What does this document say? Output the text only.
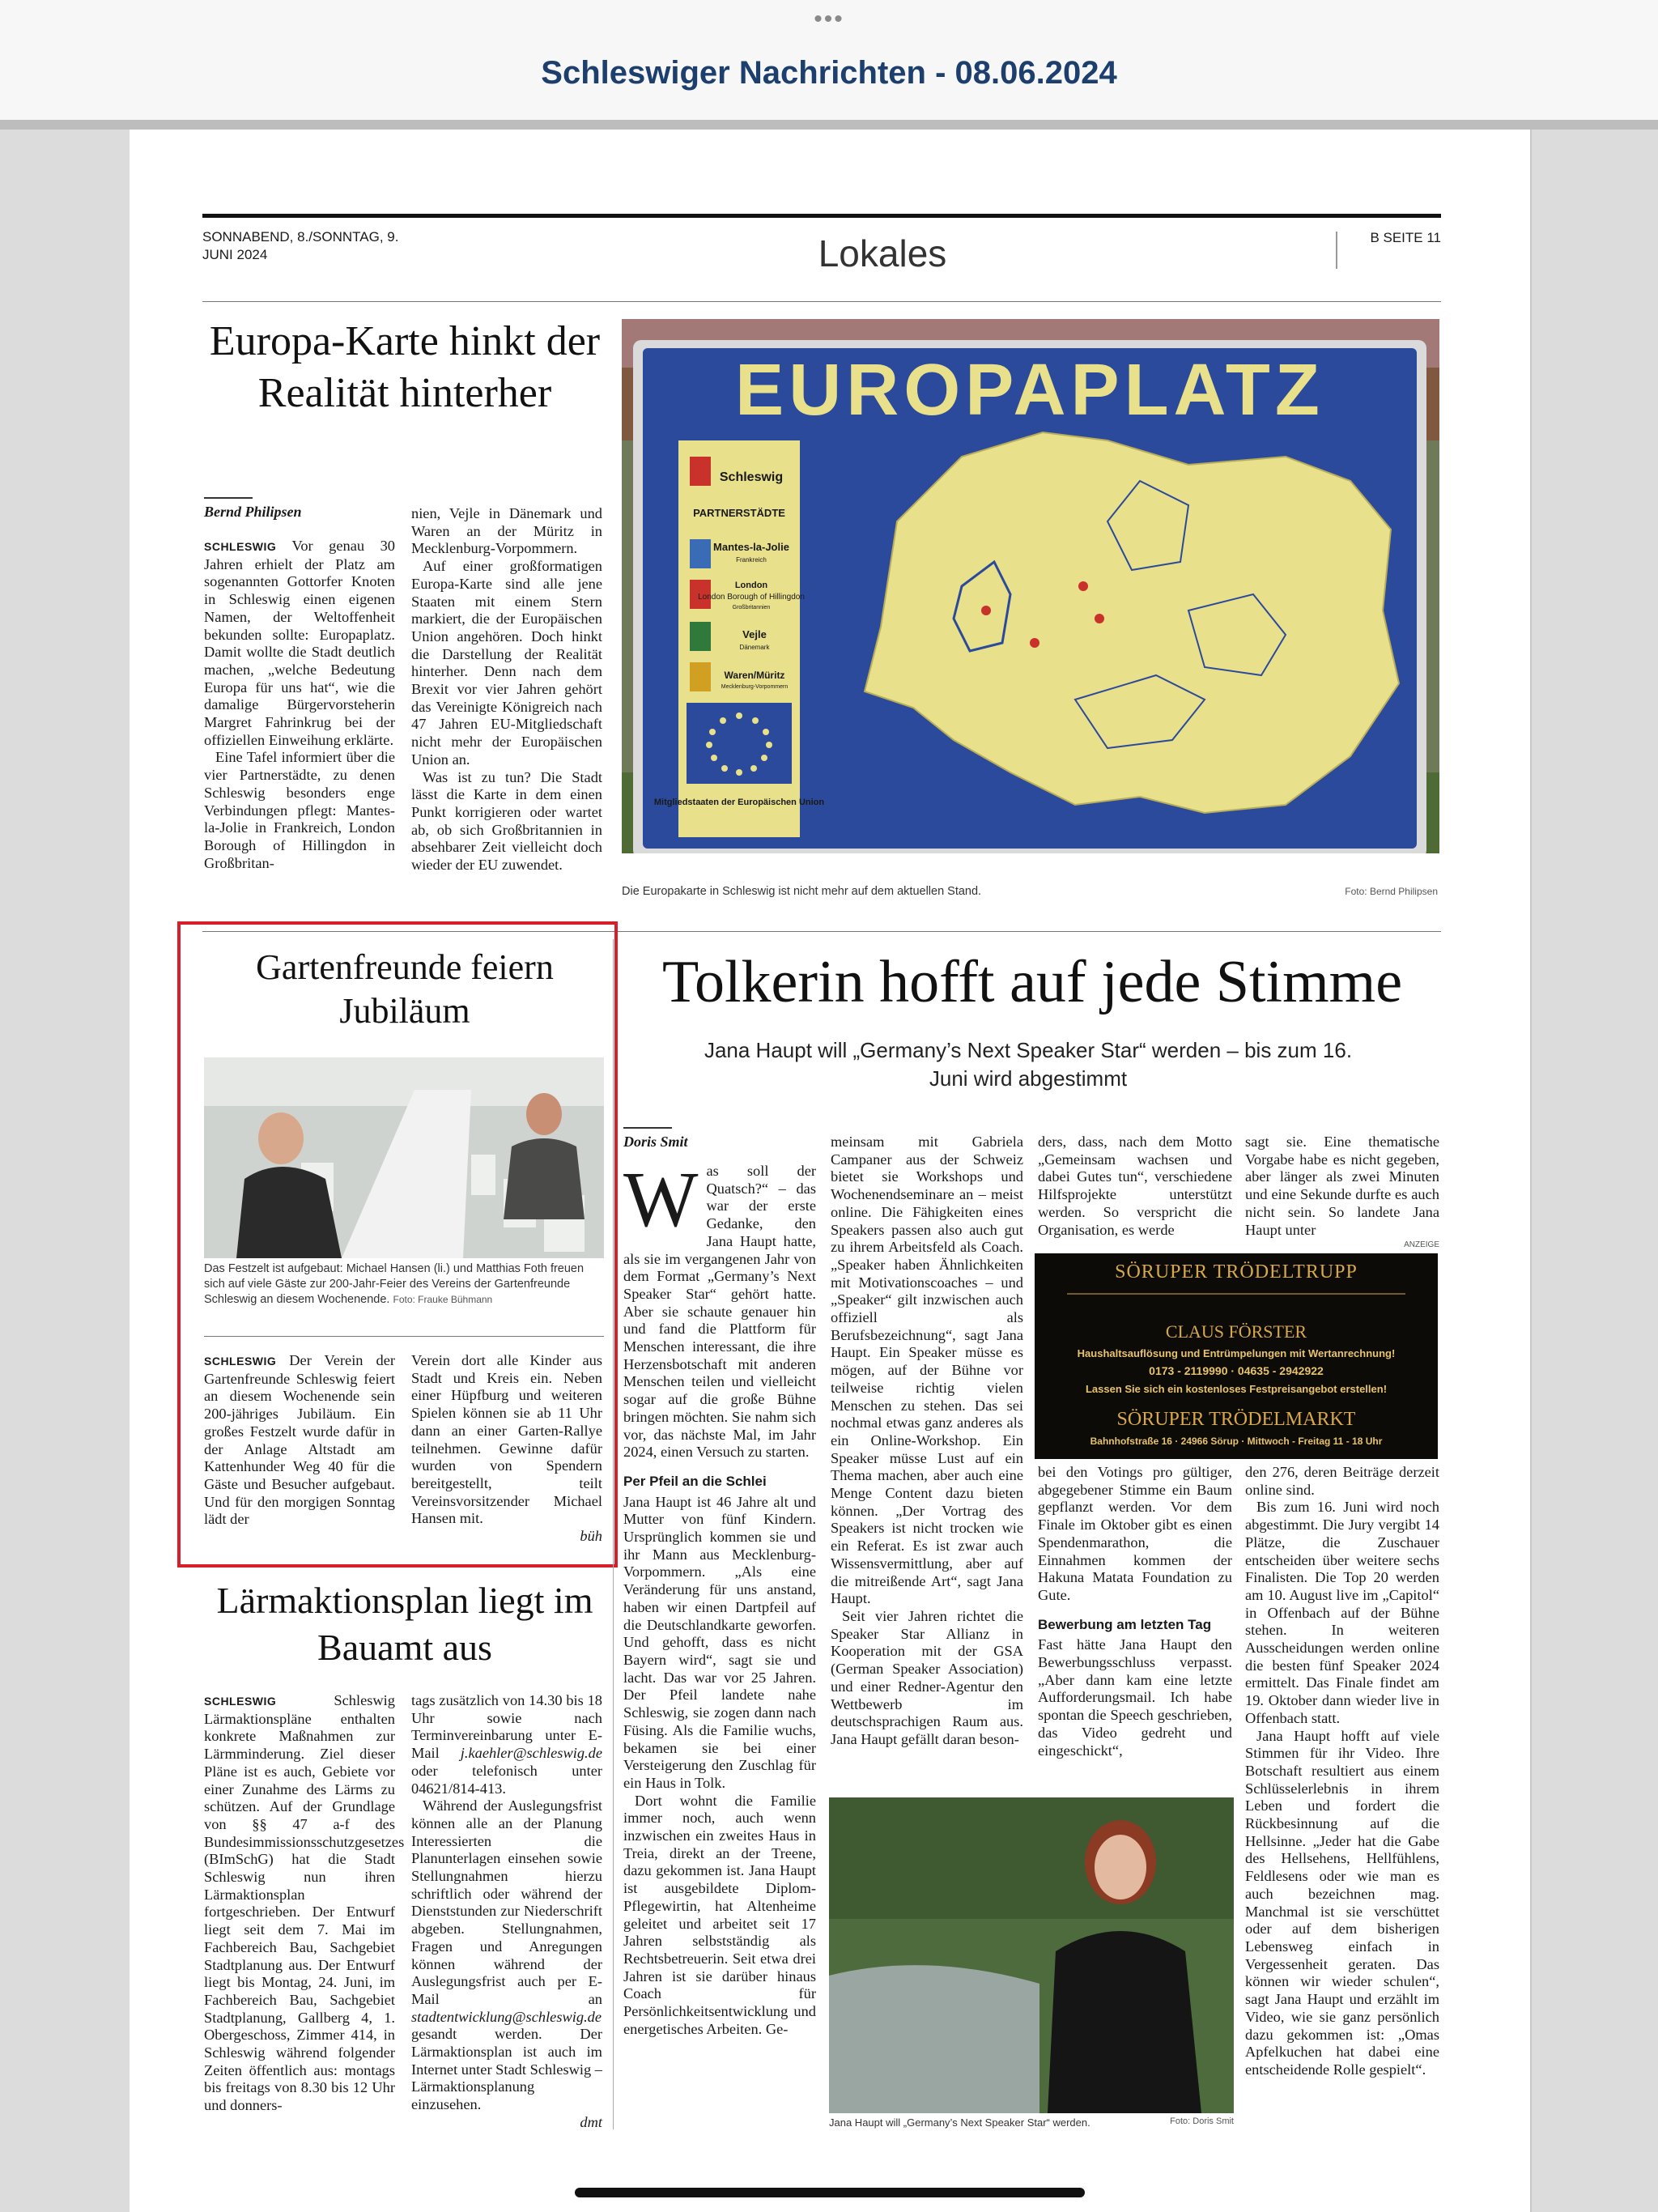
•••
Schleswiger Nachrichten - 08.06.2024
SONNABEND, 8./SONNTAG, 9. JUNI 2024	Lokales	B SEITE 11
Europa-Karte hinkt der Realität hinterher
Bernd Philipsen

SCHLESWIG Vor genau 30 Jahren erhielt der Platz am sogenannten Gottorfer Knoten in Schleswig einen eigenen Namen, der Weltoffenheit bekunden sollte: Europaplatz. Damit wollte die Stadt deutlich machen, „welche Bedeutung Europa für uns hat“, wie die damalige Bürgervorsteherin Margret Fahrinkrug bei der offiziellen Einweihung erklärte.

Eine Tafel informiert über die vier Partnerstädte, zu denen Schleswig besonders enge Verbindungen pflegt: Mantes-la-Jolie in Frankreich, London Borough of Hillingdon in Großbritan-

nien, Vejle in Dänemark und Waren an der Müritz in Mecklenburg-Vorpommern.

Auf einer großformatigen Europa-Karte sind alle jene Staaten mit einem Stern markiert, die der Europäischen Union angehören. Doch hinkt die Darstellung der Realität hinterher. Denn nach dem Brexit vor vier Jahren gehört das Vereinigte Königreich nach 47 Jahren EU-Mitgliedschaft nicht mehr der Europäischen Union an.

Was ist zu tun? Die Stadt lässt die Karte in dem einen Punkt korrigieren oder wartet ab, ob sich Großbritannien in absehbarer Zeit vielleicht doch wieder der EU zuwendet.

EUROPAPLATZ
Schleswig
PARTNERSTÄDTE
Mantes-la-Jolie
Frankreich
London
London Borough of Hillingdon
Großbritannien
Vejle
Dänemark
Waren/Müritz
Mecklenburg-Vorpommern
Mitgliedstaaten der Europäischen Union
Die Europakarte in Schleswig ist nicht mehr auf dem aktuellen Stand.	Foto: Bernd Philipsen
Gartenfreunde feiern Jubiläum
Das Festzelt ist aufgebaut: Michael Hansen (li.) und Matthias Foth freuen sich auf viele Gäste zur 200-Jahr-Feier des Vereins der Gartenfreunde Schleswig an diesem Wochenende. Foto: Frauke Bühmann

SCHLESWIG Der Verein der Gartenfreunde Schleswig feiert an diesem Wochenende sein 200-jähriges Jubiläum. Ein großes Festzelt wurde dafür in der Anlage Altstadt am Kattenhunder Weg 40 für die Gäste und Besucher aufgebaut. Und für den morgigen Sonntag lädt der

Verein dort alle Kinder aus Stadt und Kreis ein. Neben einer Hüpfburg und weiteren Spielen können sie ab 11 Uhr dann an einer Garten-Rallye teilnehmen. Gewinne dafür wurden von Spendern bereitgestellt, teilt Vereinsvorsitzender Michael Hansen mit.

büh
Lärmaktionsplan liegt im Bauamt aus

SCHLESWIG	Schleswig Lärmaktionspläne enthalten konkrete Maßnahmen zur Lärmminderung. Ziel dieser Pläne ist es auch, Gebiete vor einer Zunahme des Lärms zu schützen. Auf der Grundlage von §§ 47 a-f des Bundesimmissionsschutzgesetzes (BImSchG) hat die Stadt Schleswig nun ihren Lärmaktionsplan fortgeschrieben. Der Entwurf liegt seit dem 7. Mai im Fachbereich Bau, Sachgebiet Stadtplanung aus. Der Entwurf liegt bis Montag, 24. Juni, im Fachbereich Bau, Sachgebiet Stadtplanung, Gallberg 4, 1. Obergeschoss, Zimmer 414, in Schleswig während folgender Zeiten öffentlich aus: montags bis freitags von 8.30 bis 12 Uhr und donners-

tags zusätzlich von 14.30 bis 18 Uhr sowie nach Terminvereinbarung unter E-Mail j.kaehler@schleswig.de oder telefonisch unter 04621/814-413.

Während der Auslegungsfrist können alle an der Planung Interessierten die Planunterlagen einsehen sowie Stellungnahmen hierzu schriftlich oder während der Dienststunden zur Niederschrift abgeben. Stellungnahmen, Fragen und Anregungen können während der Auslegungsfrist auch per E-Mail an stadtentwicklung@schleswig.de gesandt werden. Der Lärmaktionsplan ist auch im Internet unter Stadt Schleswig – Lärmaktionsplanung einzusehen.

dmt
Tolkerin hofft auf jede Stimme
Jana Haupt will „Germany’s Next Speaker Star“ werden – bis zum 16. Juni wird abgestimmt
Doris Smit

Was soll der Quatsch?“ – das war der erste Gedanke, den Jana Haupt hatte, als sie im vergangenen Jahr von dem Format „Germany’s Next Speaker Star“ gehört hatte. Aber sie schaute genauer hin und fand die Plattform für Menschen interessant, die ihre Herzensbotschaft mit anderen Menschen teilen und vielleicht sogar auf die große Bühne bringen möchten. Sie nahm sich vor, das nächste Mal, im Jahr 2024, einen Versuch zu starten.

Per Pfeil an die Schlei

Jana Haupt ist 46 Jahre alt und Mutter von fünf Kindern. Ursprünglich kommen sie und ihr Mann aus Mecklenburg-Vorpommern. „Als eine Veränderung für uns anstand, haben wir einen Dartpfeil auf die Deutschlandkarte geworfen. Und gehofft, dass es nicht Bayern wird“, sagt sie und lacht. Das war vor 25 Jahren. Der Pfeil landete nahe Schleswig, sie zogen dann nach Füsing. Als die Familie wuchs, bekamen sie bei einer Versteigerung den Zuschlag für ein Haus in Tolk.

Dort wohnt die Familie immer noch, auch wenn inzwischen ein zweites Haus in Treia, direkt an der Treene, dazu gekommen ist. Jana Haupt ist ausgebildete Diplom-Pflegewirtin, hat Altenheime geleitet und arbeitet seit 17 Jahren selbstständig als Rechtsbetreuerin. Seit etwa drei Jahren ist sie darüber hinaus Coach für Persönlichkeitsentwicklung und energetisches Arbeiten. Ge-

meinsam mit Gabriela Campaner aus der Schweiz bietet sie Workshops und Wochenendseminare an – meist online. Die Fähigkeiten eines Speakers passen also auch gut zu ihrem Arbeitsfeld als Coach. „Speaker haben Ähnlichkeiten mit Motivationscoaches – und „Speaker“ gilt inzwischen auch offiziell als Berufsbezeichnung“, sagt Jana Haupt. Ein Speaker müsse es mögen, auf der Bühne vor teilweise richtig vielen Menschen zu stehen. Das sei nochmal etwas ganz anderes als ein Online-Workshop. Ein Speaker müsse Lust auf ein Thema machen, aber auch eine Menge Content dazu bieten können. „Der Vortrag des Speakers ist nicht trocken wie ein Referat. Es ist zwar auch Wissensvermittlung, aber auf die mitreißende Art“, sagt Jana Haupt.

Seit vier Jahren richtet die Speaker Star Allianz in Kooperation mit der GSA (German Speaker Association) und einer Redner-Agentur den Wettbewerb im deutschsprachigen Raum aus. Jana Haupt gefällt daran beson-

ders, dass, nach dem Motto „Gemeinsam wachsen und dabei Gutes tun“, verschiedene Hilfsprojekte unterstützt werden. So verspricht die Organisation, es werde

sagt sie. Eine thematische Vorgabe habe es nicht gegeben, aber länger als zwei Minuten und eine Sekunde durfte es auch nicht sein. So landete Jana Haupt unter

ANZEIGE
SÖRUPER TRÖDELTRUPP
CLAUS FÖRSTER
Haushaltsauflösung und Entrümpelungen mit Wertanrechnung!
0173 - 2119990 · 04635 - 2942922
Lassen Sie sich ein kostenloses Festpreisangebot erstellen!
SÖRUPER TRÖDELMARKT
Bahnhofstraße 16 · 24966 Sörup · Mittwoch - Freitag 11 - 18 Uhr

bei den Votings pro gültiger, abgegebener Stimme ein Baum gepflanzt werden. Vor dem Finale im Oktober gibt es einen Spendenmarathon, die Einnahmen kommen der Hakuna Matata Foundation zu Gute.

Bewerbung am letzten Tag

Fast hätte Jana Haupt den Bewerbungsschluss verpasst. „Aber dann kam eine letzte Aufforderungsmail. Ich habe spontan die Speech geschrieben, das Video gedreht und eingeschickt“,

den 276, deren Beiträge derzeit online sind.

Bis zum 16. Juni wird noch abgestimmt. Die Jury vergibt 14 Plätze, die Zuschauer entscheiden über weitere sechs Finalisten. Die Top 20 werden am 10. August live im „Capitol“ in Offenbach auf der Bühne stehen. In weiteren Ausscheidungen werden online die besten fünf Speaker 2024 ermittelt. Das Finale findet am 19. Oktober dann wieder live in Offenbach statt.

Jana Haupt hofft auf viele Stimmen für ihr Video. Ihre Botschaft resultiert aus einem Schlüsselerlebnis in ihrem Leben und fordert die Rückbesinnung auf die Hellsinne. „Jeder hat die Gabe des Hellsehens, Hellfühlens, Feldlesens oder wie man es auch bezeichnen mag. Manchmal ist sie verschüttet oder auf dem bisherigen Lebensweg einfach in Vergessenheit geraten. Das können wir wieder schulen“, sagt Jana Haupt und erzählt im Video, wie sie ganz persönlich dazu gekommen ist: „Omas Apfelkuchen hat dabei eine entscheidende Rolle gespielt“.

Jana Haupt will „Germany’s Next Speaker Star“ werden.	Foto: Doris Smit
